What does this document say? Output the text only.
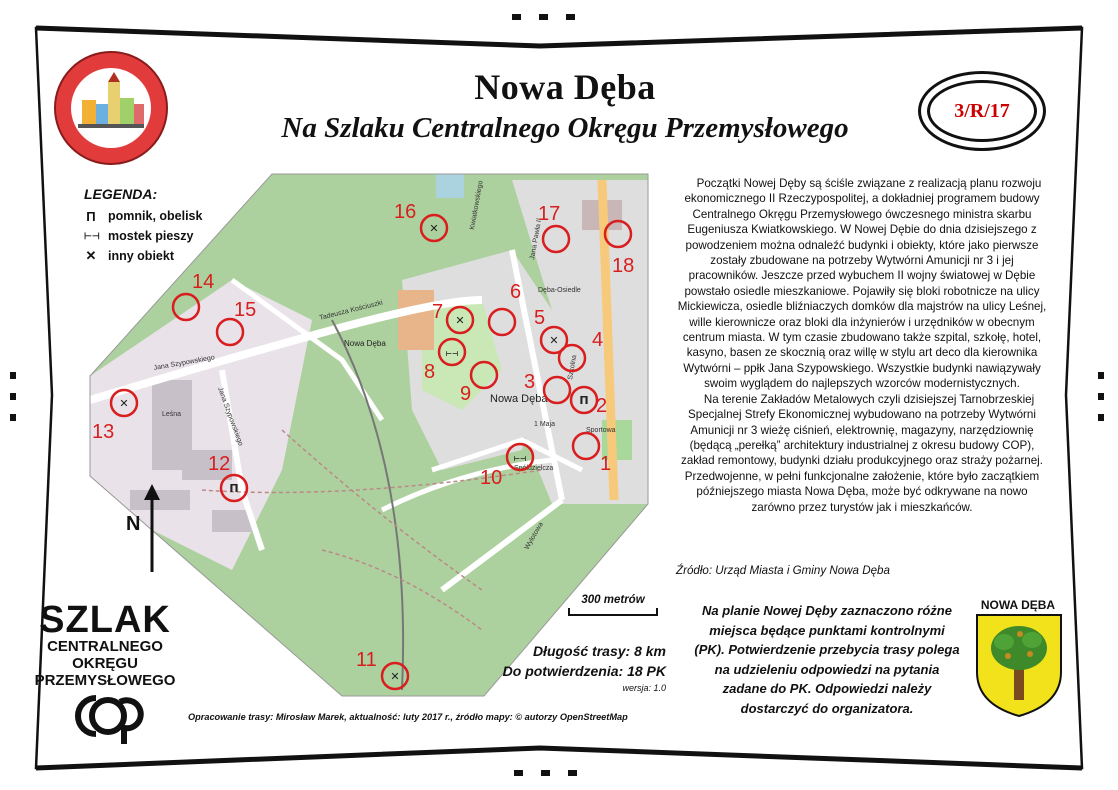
Nowa Dęba
Na Szlaku Centralnego Okręgu Przemysłowego
3/R/17
LEGENDA:
Π pomnik, obelisk
⊢⊣ mostek pieszy
✕ inny obiekt
Tadeusza Kościuszki
Jana Szypowskiego
Jana Szypowskiego
Nowa Dęba
Nowa Dęba
Dęba-Osiedle
Jana Pawła II
1 Maja
Sportowa
Leśna
Wylotowa
Szkolna
Spółdzielcza
Kwiatkowskiego
1
Π 2
3
4
✕
5
6
✕
7
⊢⊣
8
9
⊢⊣
10
✕
11
Π
12
✕
13
14
15
✕
16	17
18
N

Początki Nowej Dęby są ściśle związane z realizacją planu rozwoju ekonomicznego II Rzeczypospolitej, a dokładniej programem budowy Centralnego Okręgu Przemysłowego ówczesnego ministra skarbu Eugeniusza Kwiatkowskiego. W Nowej Dębie do dnia dzisiejszego z powodzeniem można odnaleźć budynki i obiekty, które jako pierwsze zostały zbudowane na potrzeby Wytwórni Amunicji nr 3 i jej pracowników. Jeszcze przed wybuchem II wojny światowej w Dębie powstało osiedle mieszkaniowe. Pojawiły się bloki robotnicze na ulicy Mickiewicza, osiedle bliźniaczych domków dla majstrów na ulicy Leśnej, wille kierownicze oraz bloki dla inżynierów i urzędników w obecnym centrum miasta. W tym czasie zbudowano także szpital, szkołę, hotel, kasyno, basen ze skocznią oraz willę w stylu art deco dla kierownika Wytwórni – ppłk Jana Szypowskiego. Wszystkie budynki nawiązywały swoim wyglądem do najlepszych wzorców modernistycznych.

Na terenie Zakładów Metalowych czyli dzisiejszej Tarnobrzeskiej Specjalnej Strefy Ekonomicznej wybudowano na potrzeby Wytwórni Amunicji nr 3 wieżę ciśnień, elektrownię, magazyny, narzędziownię (będącą „perełką” architektury industrialnej z okresu budowy COP), zakład remontowy, budynki działu produkcyjnego oraz straży pożarnej. Przedwojenne, w pełni funkcjonalne założenie, które było zaczątkiem późniejszego miasta Nowa Dęba, może być odkrywane na nowo zarówno przez turystów jak i mieszkańców.

Źródło: Urząd Miasta i Gminy Nowa Dęba
300 metrów
Długość trasy: 8 km
Do potwierdzenia: 18 PK
wersja: 1.0
Opracowanie trasy: Mirosław Marek, aktualność: luty 2017 r., źródło mapy: © autorzy OpenStreetMap
Na planie Nowej Dęby zaznaczono różne miejsca będące punktami kontrolnymi (PK). Potwierdzenie przebycia trasy polega na udzieleniu odpowiedzi na pytania zadane do PK. Odpowiedzi należy dostarczyć do organizatora.
SZLAK
CENTRALNEGO
OKRĘGU
PRZEMYSŁOWEGO
NOWA DĘBA
